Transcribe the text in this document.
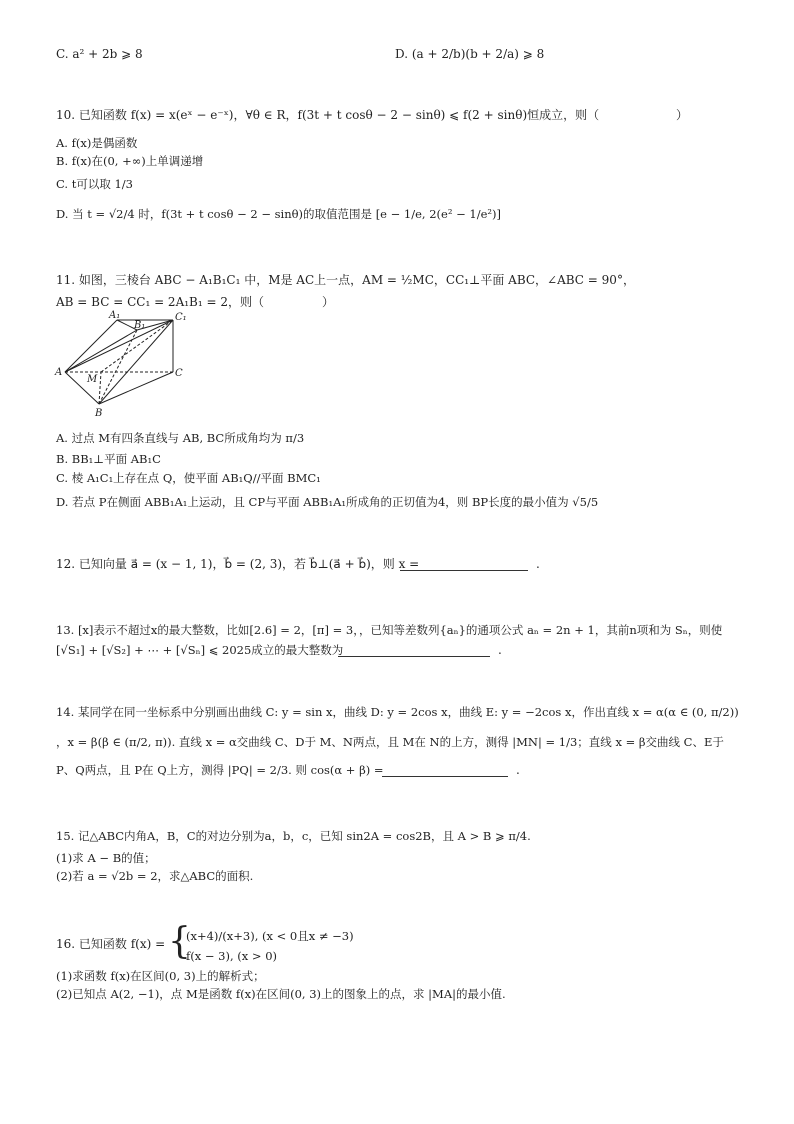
C. a² + 2b ⩾ 8	D. (a + 2/b)(b + 2/a) ⩾ 8
10. 已知函数 f(x) = x(eˣ − e⁻ˣ)，∀θ ∈ R，f(3t + t cosθ − 2 − sinθ) ⩽ f(2 + sinθ)恒成立，则（	）
A. f(x)是偶函数
B. f(x)在(0, +∞)上单调递增
C. t可以取 1/3
D. 当 t = √2/4 时，f(3t + t cosθ − 2 − sinθ)的取值范围是 [e − 1/e, 2(e² − 1/e²)]
11. 如图，三棱台 ABC − A₁B₁C₁ 中，M是 AC上一点，AM = ½MC，CC₁⊥平面 ABC，∠ABC = 90°，
AB = BC = CC₁ = 2A₁B₁ = 2，则（	）
A₁
B₁
C₁
A
M
C
B
A. 过点 M有四条直线与 AB, BC所成角均为 π/3
B. BB₁⊥平面 AB₁C
C. 棱 A₁C₁上存在点 Q，使平面 AB₁Q//平面 BMC₁
D. 若点 P在侧面 ABB₁A₁上运动，且 CP与平面 ABB₁A₁所成角的正切值为4，则 BP长度的最小值为 √5/5
12. 已知向量 a⃗ = (x − 1, 1)，b⃗ = (2, 3)，若 b⃗⊥(a⃗ + b⃗)，则 x =	.
13. [x]表示不超过x的最大整数，比如[2.6] = 2，[π] = 3，，已知等差数列{aₙ}的通项公式 aₙ = 2n + 1，其前n项和为 Sₙ，则使
[√S₁] + [√S₂] + ⋯ + [√Sₙ] ⩽ 2025成立的最大整数为	.
14. 某同学在同一坐标系中分别画出曲线 C: y = sin x，曲线 D: y = 2cos x，曲线 E: y = −2cos x，作出直线 x = α(α ∈ (0, π/2))
，x = β(β ∈ (π/2, π)). 直线 x = α交曲线 C、D于 M、N两点，且 M在 N的上方，测得 |MN| = 1/3；直线 x = β交曲线 C、E于
P、Q两点，且 P在 Q上方，测得 |PQ| = 2/3. 则 cos(α + β) =	.
15. 记△ABC内角A，B，C的对边分别为a，b，c，已知 sin2A = cos2B，且 A > B ⩾ π/4.
(1)求 A − B的值；
(2)若 a = √2b = 2，求△ABC的面积.
16. 已知函数 f(x) = {
(x+4)/(x+3), (x < 0且x ≠ −3)
f(x − 3), (x > 0)
(1)求函数 f(x)在区间(0, 3)上的解析式；
(2)已知点 A(2, −1)，点 M是函数 f(x)在区间(0, 3)上的图象上的点，求 |MA|的最小值.
